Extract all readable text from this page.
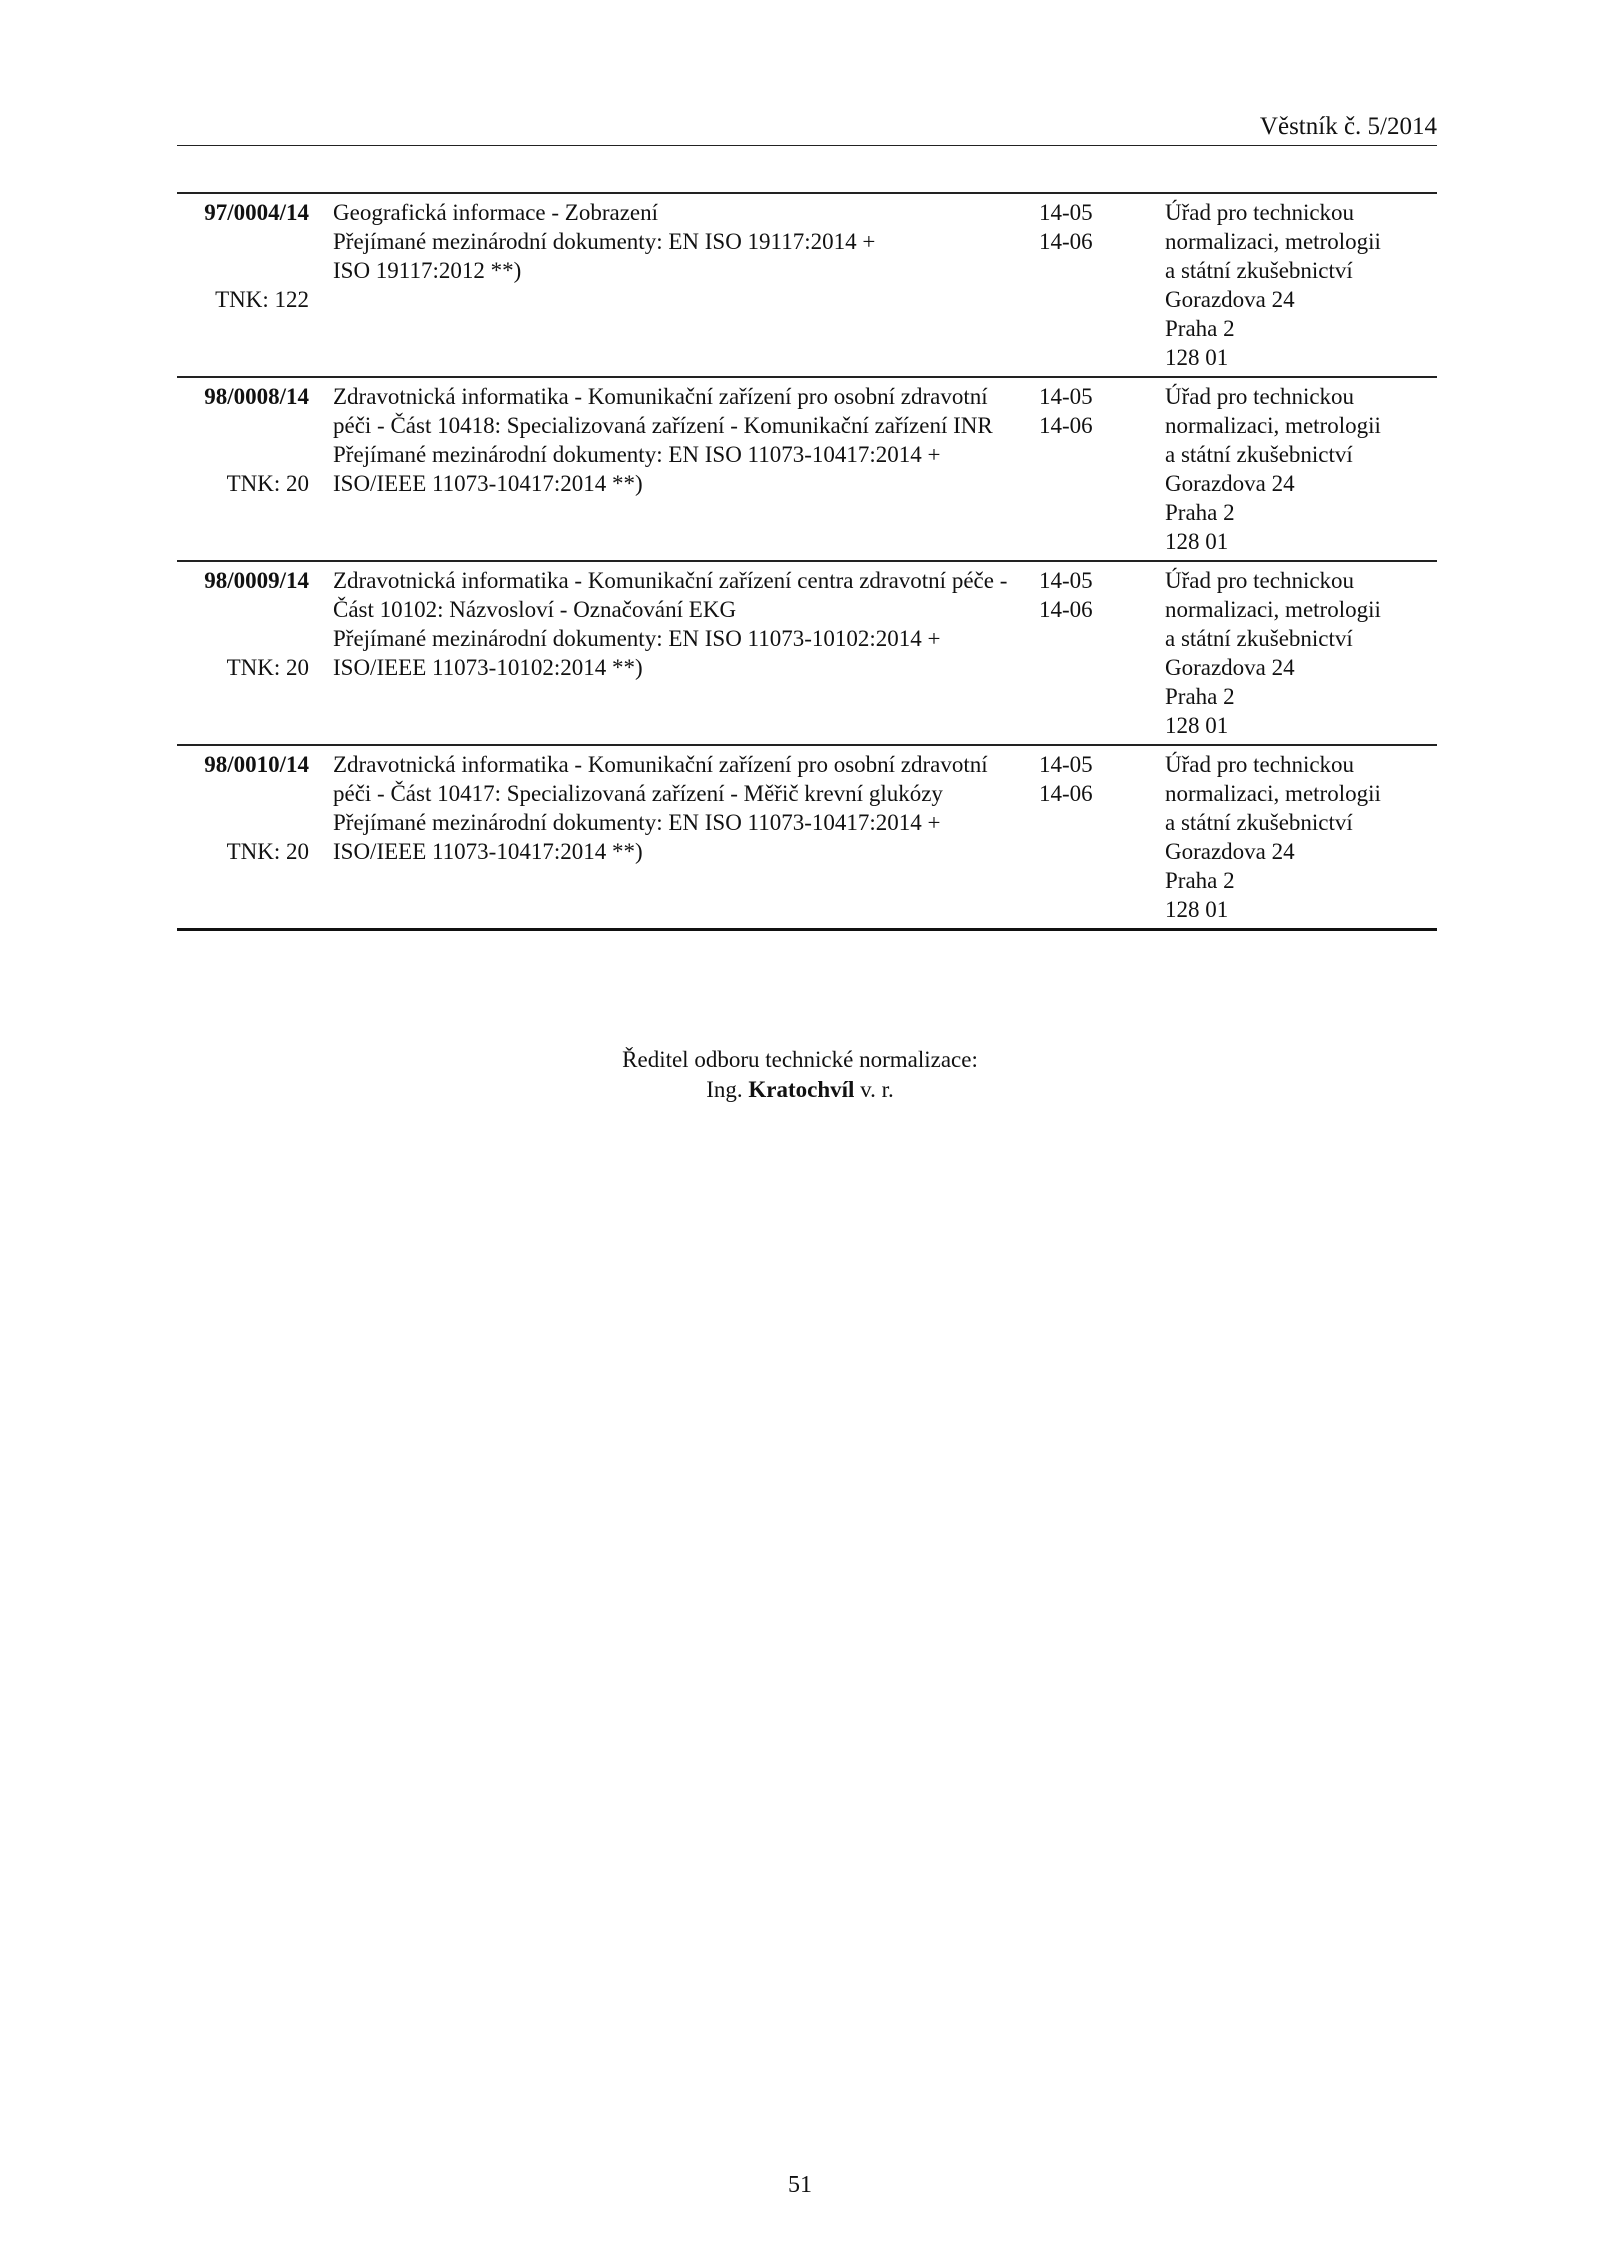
Věstník č. 5/2014
97/0004/14
TNK: 122
Geografická informace - Zobrazení
Přejímané mezinárodní dokumenty: EN ISO 19117:2014 +
ISO 19117:2012 **)
14-05
14-06
Úřad pro technickou
normalizaci, metrologii
a státní zkušebnictví
Gorazdova 24
Praha 2
128 01
98/0008/14
TNK: 20
Zdravotnická informatika - Komunikační zařízení pro osobní zdravotní
péči - Část 10418: Specializovaná zařízení - Komunikační zařízení INR
Přejímané mezinárodní dokumenty: EN ISO 11073-10417:2014 +
ISO/IEEE 11073-10417:2014 **)
14-05
14-06
Úřad pro technickou
normalizaci, metrologii
a státní zkušebnictví
Gorazdova 24
Praha 2
128 01
98/0009/14
TNK: 20
Zdravotnická informatika - Komunikační zařízení centra zdravotní péče -
Část 10102: Názvosloví - Označování EKG
Přejímané mezinárodní dokumenty: EN ISO 11073-10102:2014 +
ISO/IEEE 11073-10102:2014 **)
14-05
14-06
Úřad pro technickou
normalizaci, metrologii
a státní zkušebnictví
Gorazdova 24
Praha 2
128 01
98/0010/14
TNK: 20
Zdravotnická informatika - Komunikační zařízení pro osobní zdravotní
péči - Část 10417: Specializovaná zařízení - Měřič krevní glukózy
Přejímané mezinárodní dokumenty: EN ISO 11073-10417:2014 +
ISO/IEEE 11073-10417:2014 **)
14-05
14-06
Úřad pro technickou
normalizaci, metrologii
a státní zkušebnictví
Gorazdova 24
Praha 2
128 01
Ředitel odboru technické normalizace:
Ing. Kratochvíl v. r.
51
